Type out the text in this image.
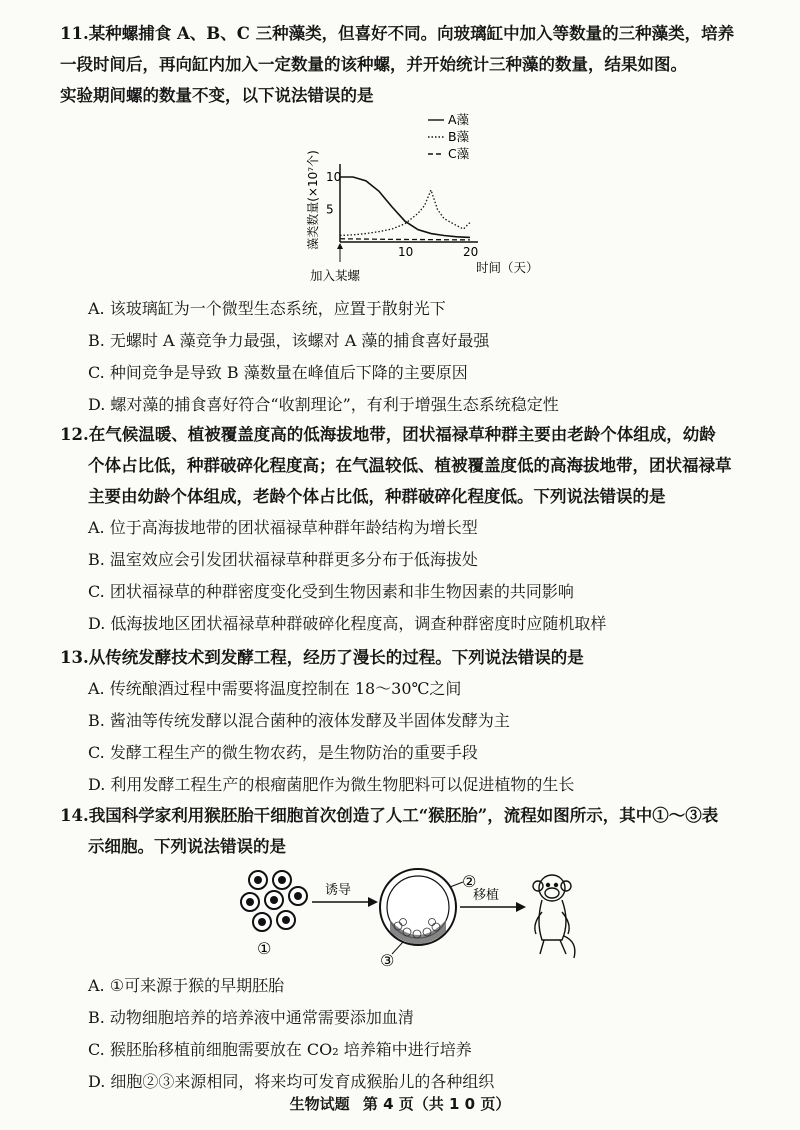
11.某种螺捕食 A、B、C 三种藻类，但喜好不同。向玻璃缸中加入等数量的三种藻类，培养
一段时间后，再向缸内加入一定数量的该种螺，并开始统计三种藻的数量，结果如图。
实验期间螺的数量不变，以下说法错误的是
5
10
10	20
A藻
B藻
C藻
藻类数量(×10⁷个)
时间（天）
加入某螺
A. 该玻璃缸为一个微型生态系统，应置于散射光下
B. 无螺时 A 藻竞争力最强，该螺对 A 藻的捕食喜好最强
C. 种间竞争是导致 B 藻数量在峰值后下降的主要原因
D. 螺对藻的捕食喜好符合“收割理论”，有利于增强生态系统稳定性
12.在气候温暖、植被覆盖度高的低海拔地带，团状福禄草种群主要由老龄个体组成，幼龄
个体占比低，种群破碎化程度高；在气温较低、植被覆盖度低的高海拔地带，团状福禄草
主要由幼龄个体组成，老龄个体占比低，种群破碎化程度低。下列说法错误的是
A. 位于高海拔地带的团状福禄草种群年龄结构为增长型
B. 温室效应会引发团状福禄草种群更多分布于低海拔处
C. 团状福禄草的种群密度变化受到生物因素和非生物因素的共同影响
D. 低海拔地区团状福禄草种群破碎化程度高，调查种群密度时应随机取样
13.从传统发酵技术到发酵工程，经历了漫长的过程。下列说法错误的是
A. 传统酿酒过程中需要将温度控制在 18～30℃之间
B. 酱油等传统发酵以混合菌种的液体发酵及半固体发酵为主
C. 发酵工程生产的微生物农药，是生物防治的重要手段
D. 利用发酵工程生产的根瘤菌肥作为微生物肥料可以促进植物的生长
14.我国科学家利用猴胚胎干细胞首次创造了人工“猴胚胎”，流程如图所示，其中①～③表
示细胞。下列说法错误的是
①
诱导	②
③
移植
A. ①可来源于猴的早期胚胎
B. 动物细胞培养的培养液中通常需要添加血清
C. 猴胚胎移植前细胞需要放在 CO₂ 培养箱中进行培养
D. 细胞②③来源相同，将来均可发育成猴胎儿的各种组织
生物试题 第 4 页（共 1 0 页）
